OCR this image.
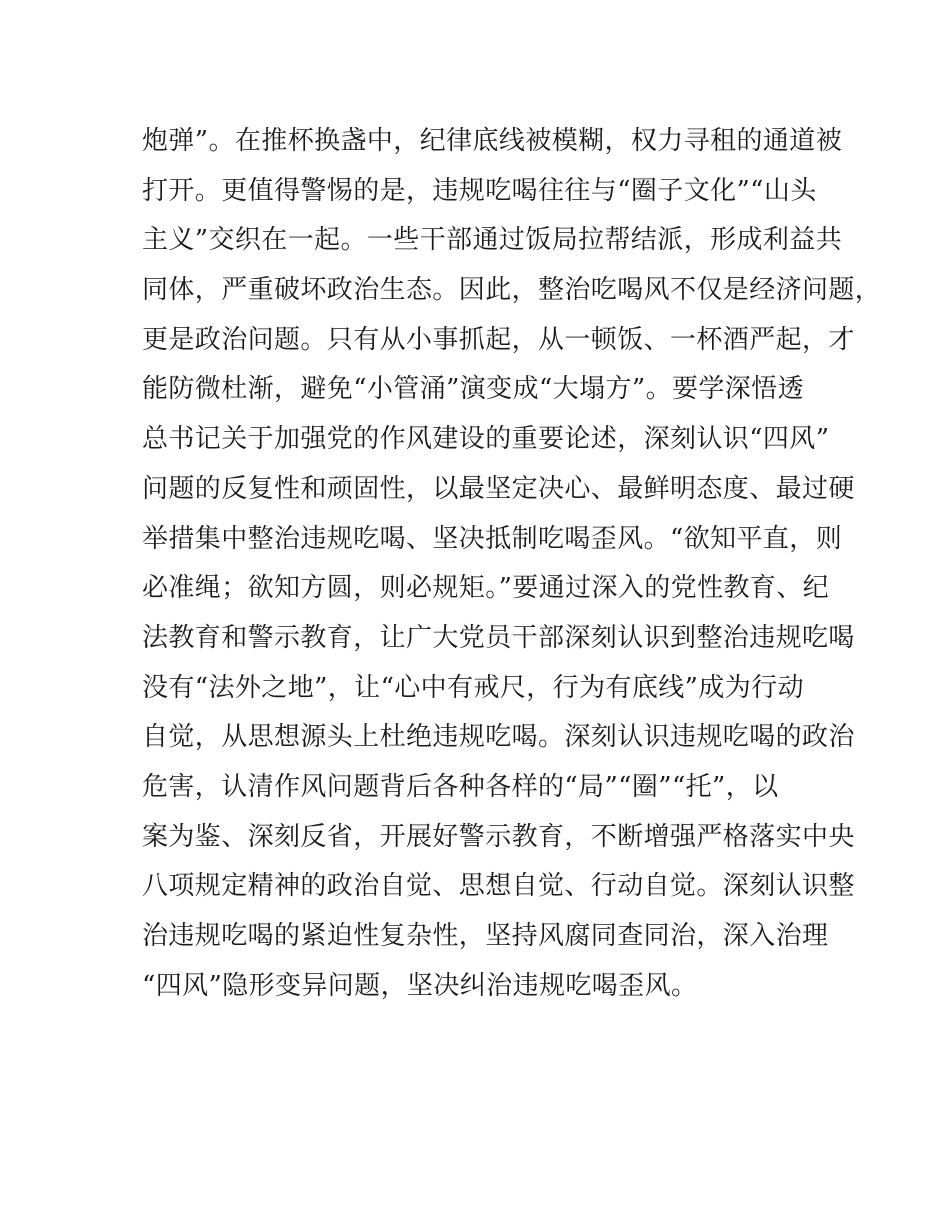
炮弹”。在推杯换盏中，纪律底线被模糊，权力寻租的通道被
打开。更值得警惕的是，违规吃喝往往与“圈子文化”“山头
主义”交织在一起。一些干部通过饭局拉帮结派，形成利益共
同体，严重破坏政治生态。因此，整治吃喝风不仅是经济问题，
更是政治问题。只有从小事抓起，从一顿饭、一杯酒严起，才
能防微杜渐，避免“小管涌”演变成“大塌方”。要学深悟透
总书记关于加强党的作风建设的重要论述，深刻认识“四风”
问题的反复性和顽固性，以最坚定决心、最鲜明态度、最过硬
举措集中整治违规吃喝、坚决抵制吃喝歪风。“欲知平直，则
必准绳；欲知方圆，则必规矩。”要通过深入的党性教育、纪
法教育和警示教育，让广大党员干部深刻认识到整治违规吃喝
没有“法外之地”，让“心中有戒尺，行为有底线”成为行动
自觉，从思想源头上杜绝违规吃喝。深刻认识违规吃喝的政治
危害，认清作风问题背后各种各样的“局”“圈”“托”，以
案为鉴、深刻反省，开展好警示教育，不断增强严格落实中央
八项规定精神的政治自觉、思想自觉、行动自觉。深刻认识整
治违规吃喝的紧迫性复杂性，坚持风腐同查同治，深入治理
“四风”隐形变异问题，坚决纠治违规吃喝歪风。
